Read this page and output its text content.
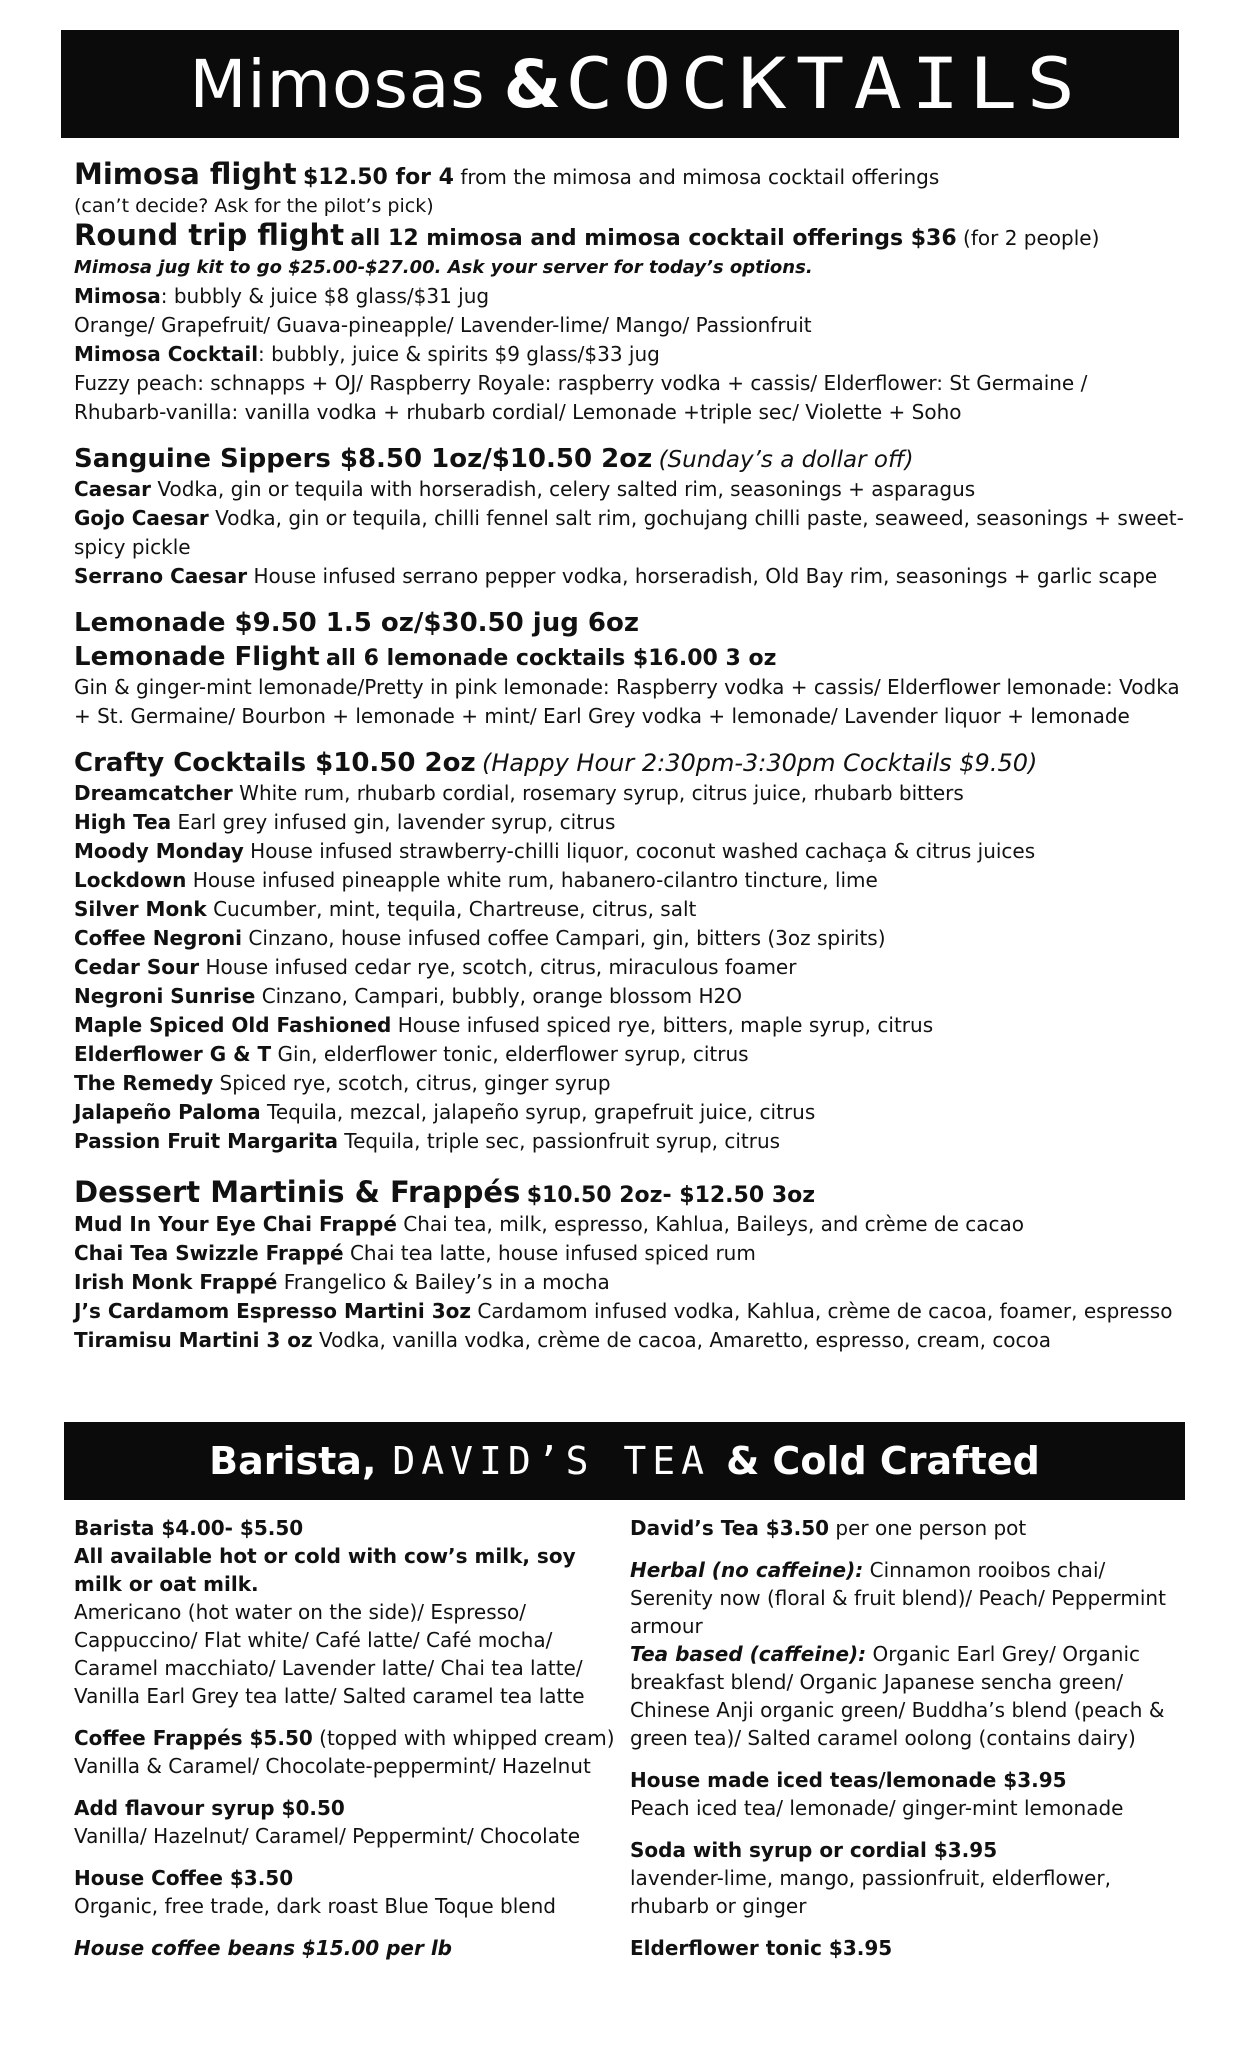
Mimosas & COCKTAILS
Mimosa flight $12.50 for 4 from the mimosa and mimosa cocktail offerings
(can’t decide? Ask for the pilot’s pick)
Round trip flight all 12 mimosa and mimosa cocktail offerings $36 (for 2 people)
Mimosa jug kit to go $25.00-$27.00. Ask your server for today’s options.
Mimosa: bubbly & juice $8 glass/$31 jug
Orange/ Grapefruit/ Guava-pineapple/ Lavender-lime/ Mango/ Passionfruit
Mimosa Cocktail: bubbly, juice & spirits $9 glass/$33 jug
Fuzzy peach: schnapps + OJ/ Raspberry Royale: raspberry vodka + cassis/ Elderflower: St Germaine /
Rhubarb-vanilla: vanilla vodka + rhubarb cordial/ Lemonade +triple sec/ Violette + Soho
Sanguine Sippers $8.50 1oz/$10.50 2oz (Sunday’s a dollar off)
Caesar Vodka, gin or tequila with horseradish, celery salted rim, seasonings + asparagus
Gojo Caesar Vodka, gin or tequila, chilli fennel salt rim, gochujang chilli paste, seaweed, seasonings + sweet-spicy pickle
Serrano Caesar House infused serrano pepper vodka, horseradish, Old Bay rim, seasonings + garlic scape
Lemonade $9.50 1.5 oz/$30.50 jug 6oz
Lemonade Flight all 6 lemonade cocktails $16.00 3 oz
Gin & ginger-mint lemonade/Pretty in pink lemonade: Raspberry vodka + cassis/ Elderflower lemonade: Vodka + St. Germaine/ Bourbon + lemonade + mint/ Earl Grey vodka + lemonade/ Lavender liquor + lemonade
Crafty Cocktails $10.50 2oz (Happy Hour 2:30pm-3:30pm Cocktails $9.50)
Dreamcatcher White rum, rhubarb cordial, rosemary syrup, citrus juice, rhubarb bitters
High Tea Earl grey infused gin, lavender syrup, citrus
Moody Monday House infused strawberry-chilli liquor, coconut washed cachaça & citrus juices
Lockdown House infused pineapple white rum, habanero-cilantro tincture, lime
Silver Monk Cucumber, mint, tequila, Chartreuse, citrus, salt
Coffee Negroni Cinzano, house infused coffee Campari, gin, bitters (3oz spirits)
Cedar Sour House infused cedar rye, scotch, citrus, miraculous foamer
Negroni Sunrise Cinzano, Campari, bubbly, orange blossom H2O
Maple Spiced Old Fashioned House infused spiced rye, bitters, maple syrup, citrus
Elderflower G & T Gin, elderflower tonic, elderflower syrup, citrus
The Remedy Spiced rye, scotch, citrus, ginger syrup
Jalapeño Paloma Tequila, mezcal, jalapeño syrup, grapefruit juice, citrus
Passion Fruit Margarita Tequila, triple sec, passionfruit syrup, citrus
Dessert Martinis & Frappés $10.50 2oz- $12.50 3oz
Mud In Your Eye Chai Frappé Chai tea, milk, espresso, Kahlua, Baileys, and crème de cacao
Chai Tea Swizzle Frappé Chai tea latte, house infused spiced rum
Irish Monk Frappé Frangelico & Bailey’s in a mocha
J’s Cardamom Espresso Martini 3oz Cardamom infused vodka, Kahlua, crème de cacoa, foamer, espresso
Tiramisu Martini 3 oz Vodka, vanilla vodka, crème de cacoa, Amaretto, espresso, cream, cocoa
Barista, DAVID’S TEA & Cold Crafted
Barista $4.00- $5.50
All available hot or cold with cow’s milk, soy milk or oat milk.
Americano (hot water on the side)/ Espresso/ Cappuccino/ Flat white/ Café latte/ Café mocha/ Caramel macchiato/ Lavender latte/ Chai tea latte/ Vanilla Earl Grey tea latte/ Salted caramel tea latte
Coffee Frappés $5.50 (topped with whipped cream)
Vanilla & Caramel/ Chocolate-peppermint/ Hazelnut
Add flavour syrup $0.50
Vanilla/ Hazelnut/ Caramel/ Peppermint/ Chocolate
House Coffee $3.50
Organic, free trade, dark roast Blue Toque blend
House coffee beans $15.00 per lb
David’s Tea $3.50 per one person pot
Herbal (no caffeine): Cinnamon rooibos chai/ Serenity now (floral & fruit blend)/ Peach/ Peppermint armour
Tea based (caffeine): Organic Earl Grey/ Organic breakfast blend/ Organic Japanese sencha green/ Chinese Anji organic green/ Buddha’s blend (peach & green tea)/ Salted caramel oolong (contains dairy)
House made iced teas/lemonade $3.95
Peach iced tea/ lemonade/ ginger-mint lemonade
Soda with syrup or cordial $3.95
lavender-lime, mango, passionfruit, elderflower, rhubarb or ginger
Elderflower tonic $3.95
